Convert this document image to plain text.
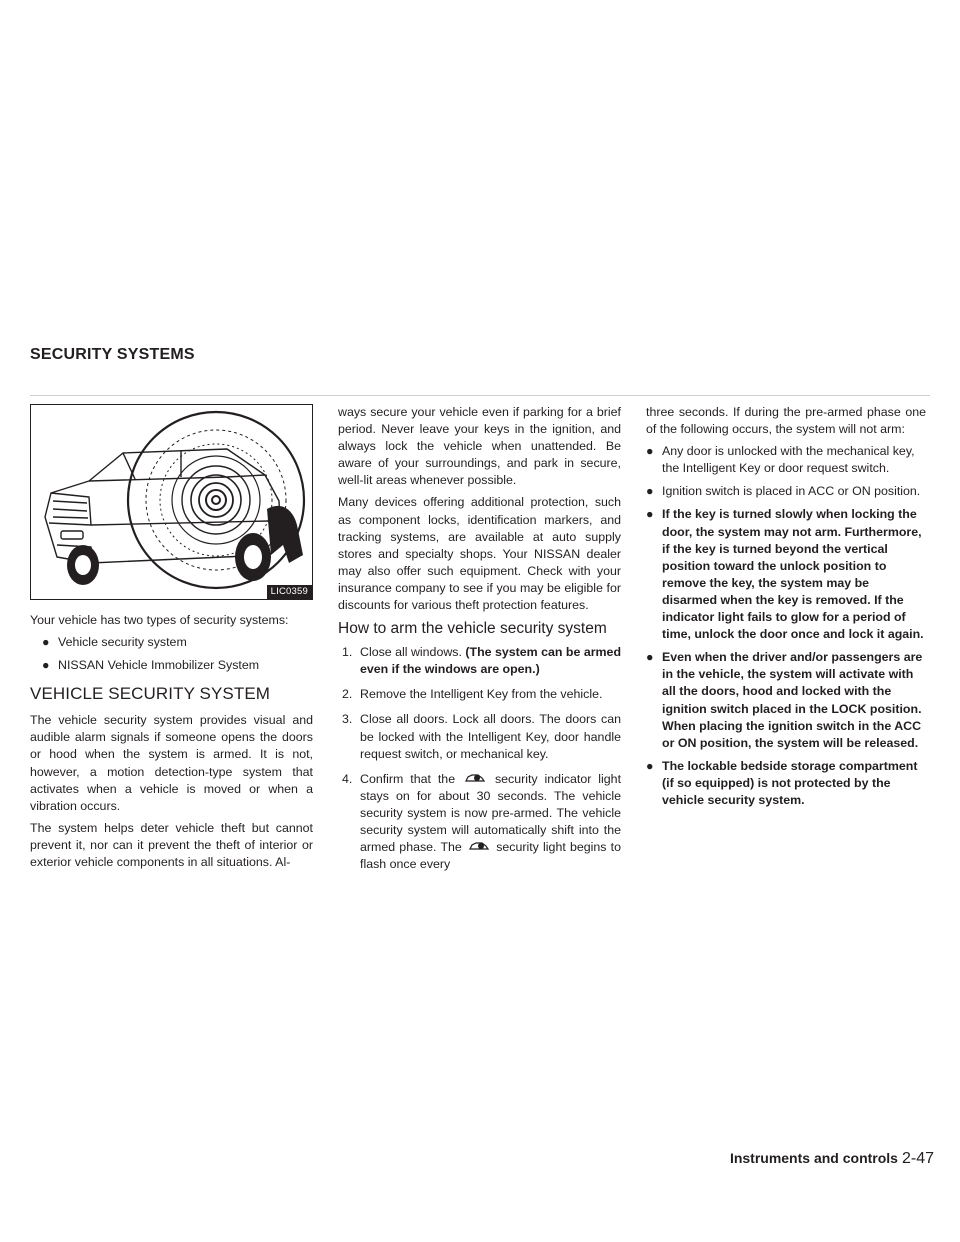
SECURITY SYSTEMS
LIC0359

Your vehicle has two types of security systems:

● Vehicle security system
● NISSAN Vehicle Immobilizer System
VEHICLE SECURITY SYSTEM

The vehicle security system provides visual and audible alarm signals if someone opens the doors or hood when the system is armed. It is not, however, a motion detection-type system that activates when a vehicle is moved or when a vibration occurs.

The system helps deter vehicle theft but cannot prevent it, nor can it prevent the theft of interior or exterior vehicle components in all situations. Al-

ways secure your vehicle even if parking for a brief period. Never leave your keys in the ignition, and always lock the vehicle when unattended. Be aware of your surroundings, and park in secure, well-lit areas whenever possible.

Many devices offering additional protection, such as component locks, identification markers, and tracking systems, are available at auto supply stores and specialty shops. Your NISSAN dealer may also offer such equipment. Check with your insurance company to see if you may be eligible for discounts for various theft protection features.

How to arm the vehicle security system
1. Close all windows. (The system can be armed even if the windows are open.)
2. Remove the Intelligent Key from the vehicle.
3. Close all doors. Lock all doors. The doors can be locked with the Intelligent Key, door handle request switch, or mechanical key.
4. Confirm that the	security indicator light stays on for about 30 seconds. The vehicle security system is now pre-armed. The vehicle security system will automatically shift into the armed phase. The	security light begins to flash once every

three seconds. If during the pre-armed phase one of the following occurs, the system will not arm:

● Any door is unlocked with the mechanical key, the Intelligent Key or door request switch.
● Ignition switch is placed in ACC or ON position.
● If the key is turned slowly when locking the door, the system may not arm. Furthermore, if the key is turned beyond the vertical position toward the unlock position to remove the key, the system may be disarmed when the key is removed. If the indicator light fails to glow for a period of time, unlock the door once and lock it again.
● Even when the driver and/or passengers are in the vehicle, the system will activate with all the doors, hood and locked with the ignition switch placed in the LOCK position. When placing the ignition switch in the ACC or ON position, the system will be released.
● The lockable bedside storage compartment (if so equipped) is not protected by the vehicle security system.
Instruments and controls 2-47
